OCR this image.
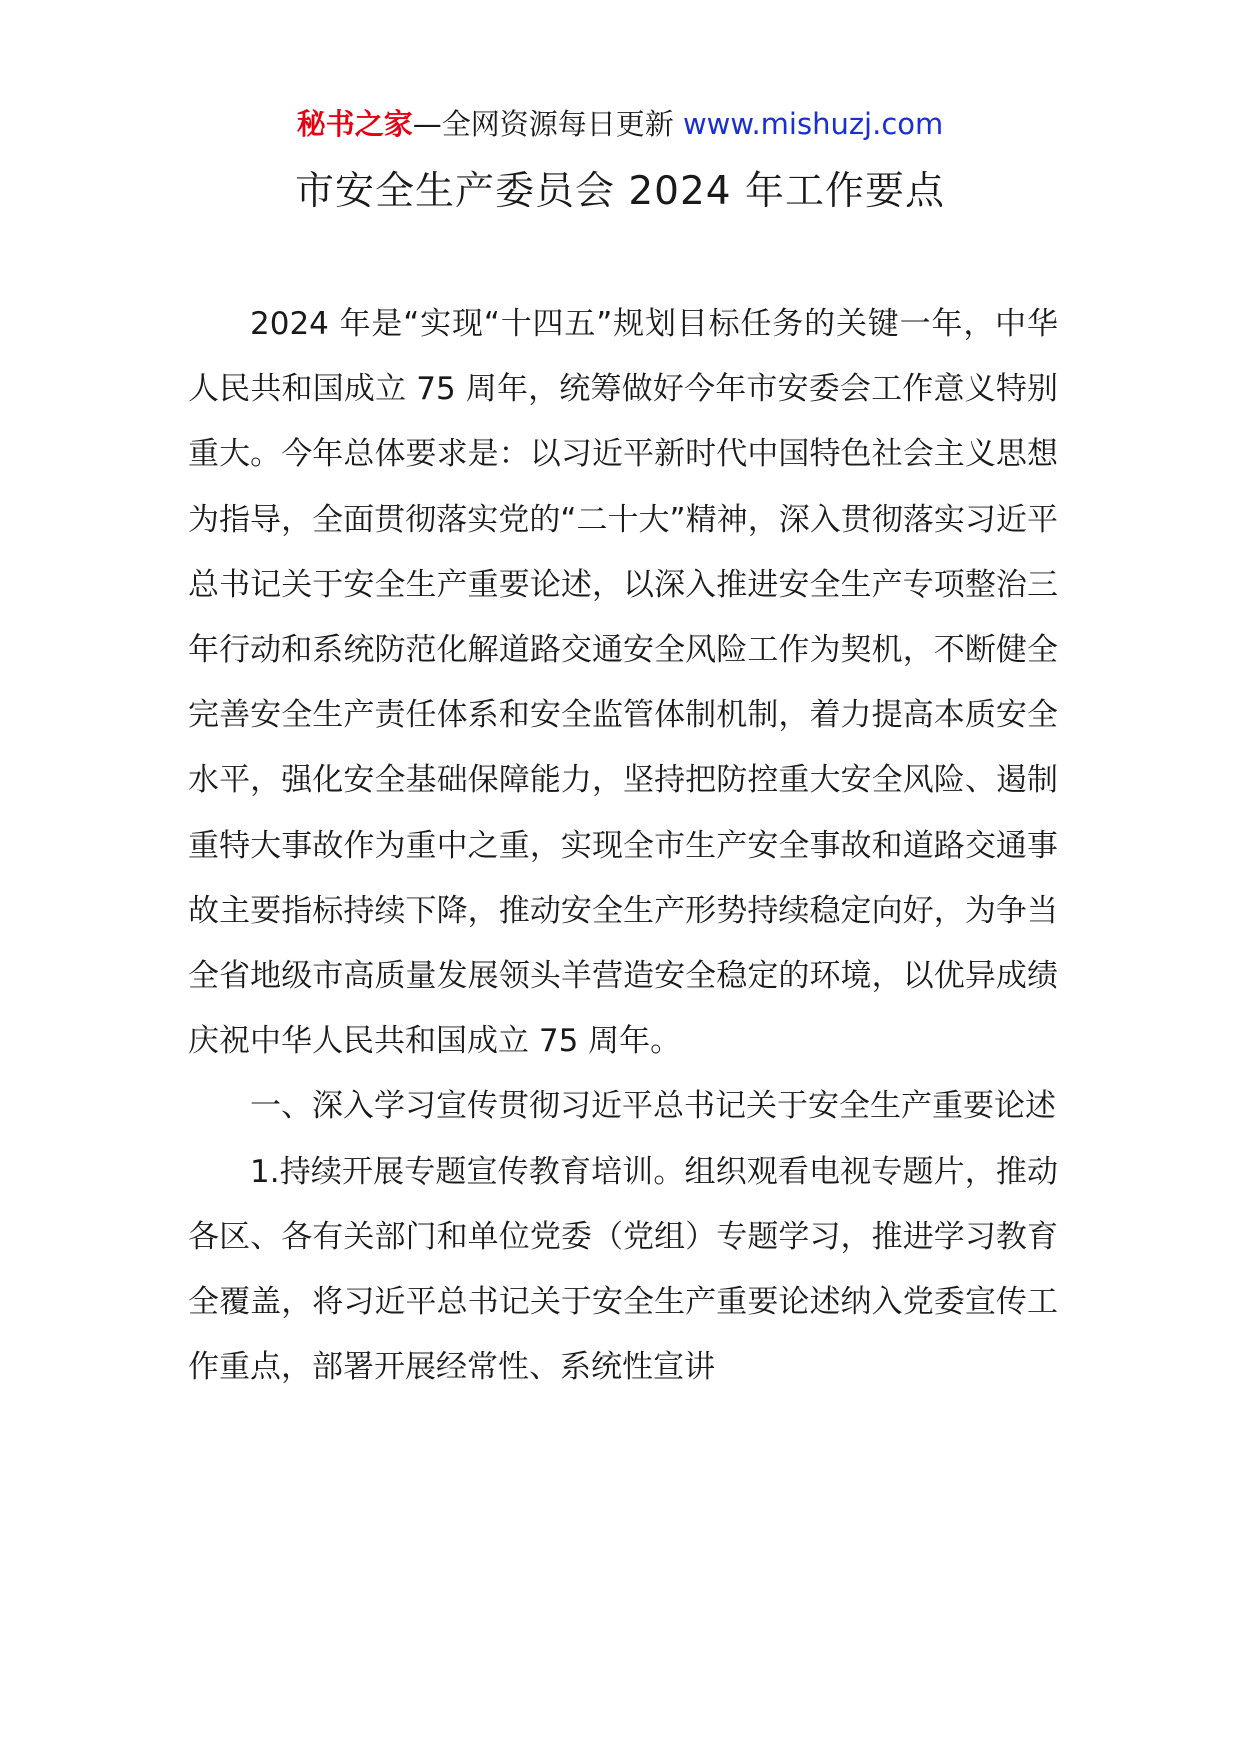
秘书之家—全网资源每日更新 www.mishuzj.com
市安全生产委员会 2024 年工作要点

2024 年是“实现“十四五”规划目标任务的关键一年，中华人民共和国成立 75 周年，统筹做好今年市安委会工作意义特别重大。今年总体要求是：以习近平新时代中国特色社会主义思想为指导，全面贯彻落实党的“二十大”精神，深入贯彻落实习近平总书记关于安全生产重要论述，以深入推进安全生产专项整治三年行动和系统防范化解道路交通安全风险工作为契机，不断健全完善安全生产责任体系和安全监管体制机制，着力提高本质安全水平，强化安全基础保障能力，坚持把防控重大安全风险、遏制重特大事故作为重中之重，实现全市生产安全事故和道路交通事故主要指标持续下降，推动安全生产形势持续稳定向好，为争当全省地级市高质量发展领头羊营造安全稳定的环境，以优异成绩庆祝中华人民共和国成立 75 周年。

一、深入学习宣传贯彻习近平总书记关于安全生产重要论述

1.持续开展专题宣传教育培训。组织观看电视专题片，推动各区、各有关部门和单位党委（党组）专题学习，推进学习教育全覆盖，将习近平总书记关于安全生产重要论述纳入党委宣传工作重点，部署开展经常性、系统性宣讲
